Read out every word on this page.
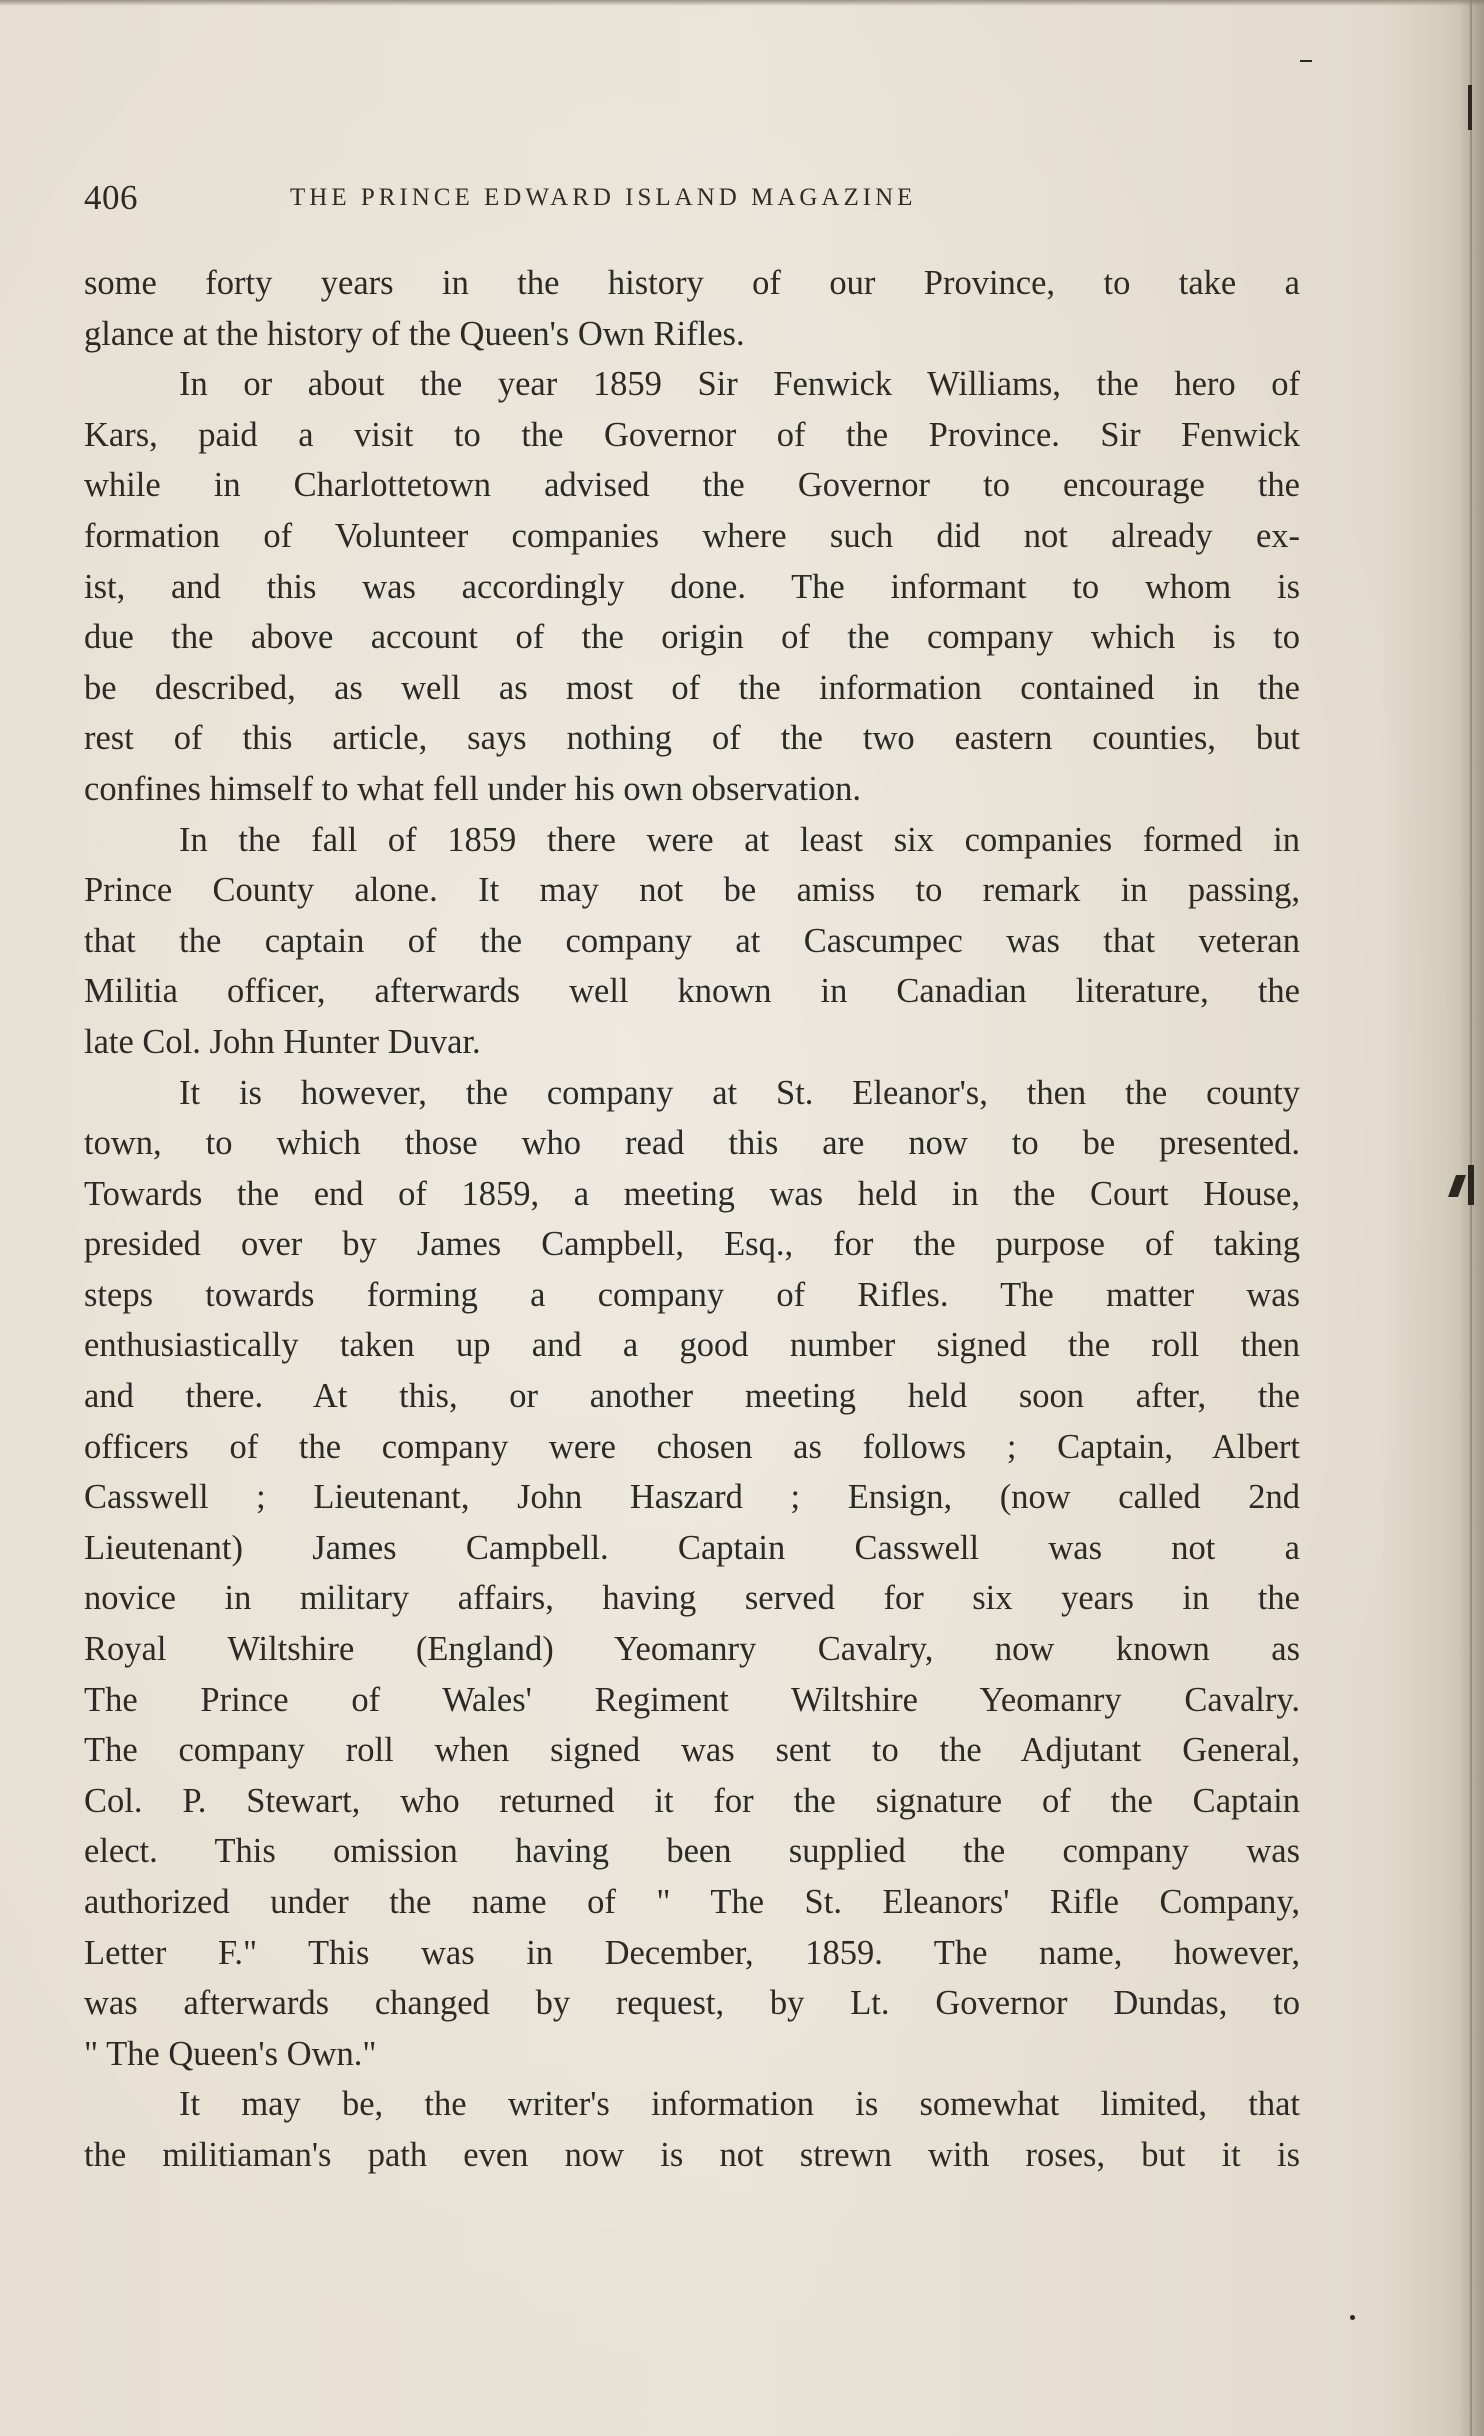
406	THE PRINCE EDWARD ISLAND MAGAZINE
some forty years in the history of our Province, to take a
glance at the history of the Queen's Own Rifles.
In or about the year 1859 Sir Fenwick Williams, the hero of
Kars, paid a visit to the Governor of the Province. Sir Fenwick
while in Charlottetown advised the Governor to encourage the
formation of Volunteer companies where such did not already ex-
ist, and this was accordingly done. The informant to whom is
due the above account of the origin of the company which is to
be described, as well as most of the information contained in the
rest of this article, says nothing of the two eastern counties, but
confines himself to what fell under his own observation.
In the fall of 1859 there were at least six companies formed in
Prince County alone. It may not be amiss to remark in passing,
that the captain of the company at Cascumpec was that veteran
Militia officer, afterwards well known in Canadian literature, the
late Col. John Hunter Duvar.
It is however, the company at St. Eleanor's, then the county
town, to which those who read this are now to be presented.
Towards the end of 1859, a meeting was held in the Court House,
presided over by James Campbell, Esq., for the purpose of taking
steps towards forming a company of Rifles. The matter was
enthusiastically taken up and a good number signed the roll then
and there. At this, or another meeting held soon after, the
officers of the company were chosen as follows ; Captain, Albert
Casswell ; Lieutenant, John Haszard ; Ensign, (now called 2nd
Lieutenant) James Campbell. Captain Casswell was not a
novice in military affairs, having served for six years in the
Royal Wiltshire (England) Yeomanry Cavalry, now known as
The Prince of Wales' Regiment Wiltshire Yeomanry Cavalry.
The company roll when signed was sent to the Adjutant General,
Col. P. Stewart, who returned it for the signature of the Captain
elect. This omission having been supplied the company was
authorized under the name of " The St. Eleanors' Rifle Company,
Letter F." This was in December, 1859. The name, however,
was afterwards changed by request, by Lt. Governor Dundas, to
" The Queen's Own."
It may be, the writer's information is somewhat limited, that
the militiaman's path even now is not strewn with roses, but it is
